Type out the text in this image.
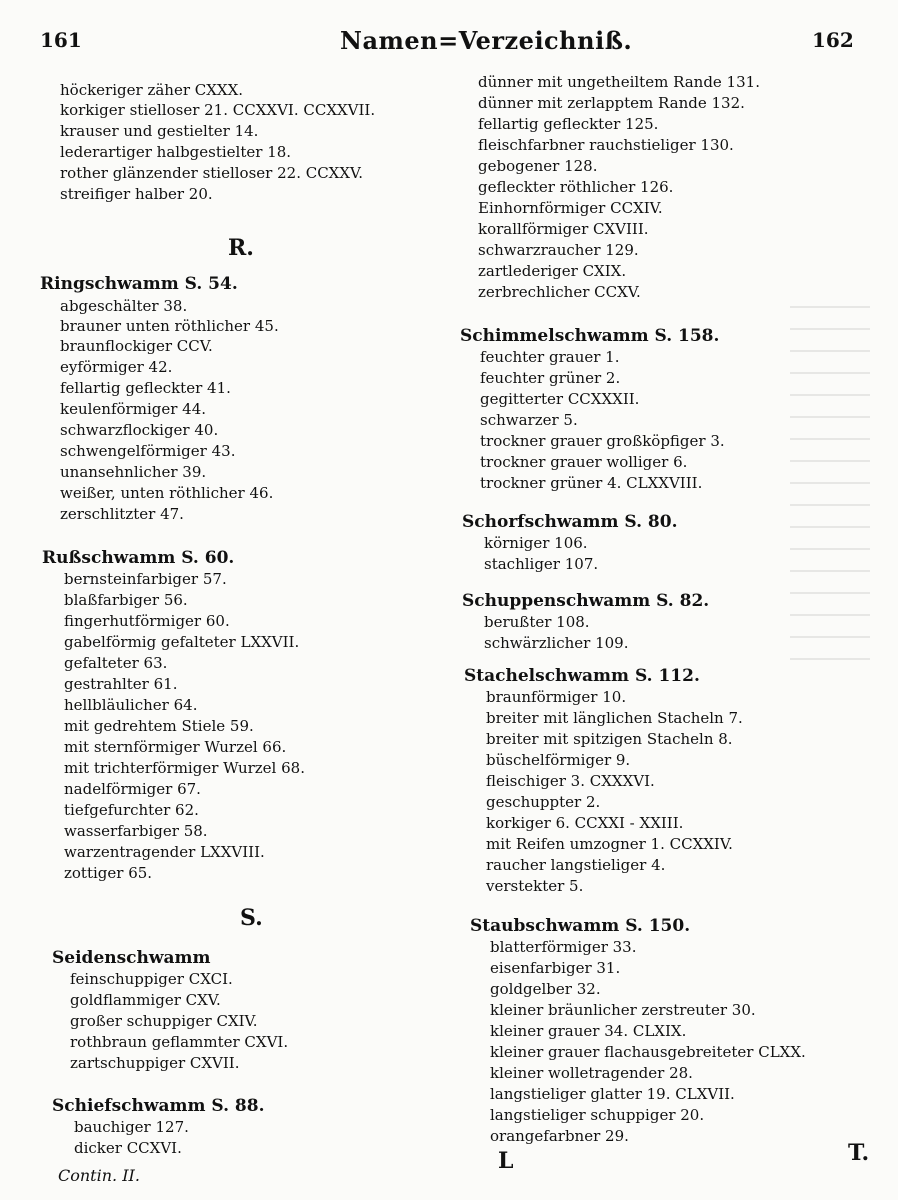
161	Namen=Verzeichniß.	162
höckeriger zäher CXXX.
korkiger stielloser 21. CCXXVI. CCXXVII.
krauser und gestielter 14.
lederartiger halbgestielter 18.
rother glänzender stielloser 22. CCXXV.
streifiger halber 20.
R.
Ringschwamm S. 54.
abgeschälter 38.
brauner unten röthlicher 45.
braunflockiger CCV.
eyförmiger 42.
fellartig gefleckter 41.
keulenförmiger 44.
schwarzflockiger 40.
schwengelförmiger 43.
unansehnlicher 39.
weißer, unten röthlicher 46.
zerschlitzter 47.
Rußschwamm S. 60.
bernsteinfarbiger 57.
blaßfarbiger 56.
fingerhutförmiger 60.
gabelförmig gefalteter LXXVII.
gefalteter 63.
gestrahlter 61.
hellbläulicher 64.
mit gedrehtem Stiele 59.
mit sternförmiger Wurzel 66.
mit trichterförmiger Wurzel 68.
nadelförmiger 67.
tiefgefurchter 62.
wasserfarbiger 58.
warzentragender LXXVIII.
zottiger 65.
S.
Seidenschwamm
feinschuppiger CXCI.
goldflammiger CXV.
großer schuppiger CXIV.
rothbraun geflammter CXVI.
zartschuppiger CXVII.
Schiefschwamm S. 88.
bauchiger 127.
dicker CCXVI.
Contin. II.
dünner mit ungetheiltem Rande 131.
dünner mit zerlapptem Rande 132.
fellartig gefleckter 125.
fleischfarbner rauchstieliger 130.
gebogener 128.
gefleckter röthlicher 126.
Einhornförmiger CCXIV.
korallförmiger CXVIII.
schwarzraucher 129.
zartlederiger CXIX.
zerbrechlicher CCXV.
Schimmelschwamm S. 158.
feuchter grauer 1.
feuchter grüner 2.
gegitterter CCXXXII.
schwarzer 5.
trockner grauer großköpfiger 3.
trockner grauer wolliger 6.
trockner grüner 4. CLXXVIII.
Schorfschwamm S. 80.
körniger 106.
stachliger 107.
Schuppenschwamm S. 82.
berußter 108.
schwärzlicher 109.
Stachelschwamm S. 112.
braunförmiger 10.
breiter mit länglichen Stacheln 7.
breiter mit spitzigen Stacheln 8.
büschelförmiger 9.
fleischiger 3. CXXXVI.
geschuppter 2.
korkiger 6. CCXXI - XXIII.
mit Reifen umzogner 1. CCXXIV.
raucher langstieliger 4.
verstekter 5.
Staubschwamm S. 150.
blatterförmiger 33.
eisenfarbiger 31.
goldgelber 32.
kleiner bräunlicher zerstreuter 30.
kleiner grauer 34. CLXIX.
kleiner grauer flachausgebreiteter CLXX.
kleiner wolletragender 28.
langstieliger glatter 19. CLXVII.
langstieliger schuppiger 20.
orangefarbner 29.
L	T.
